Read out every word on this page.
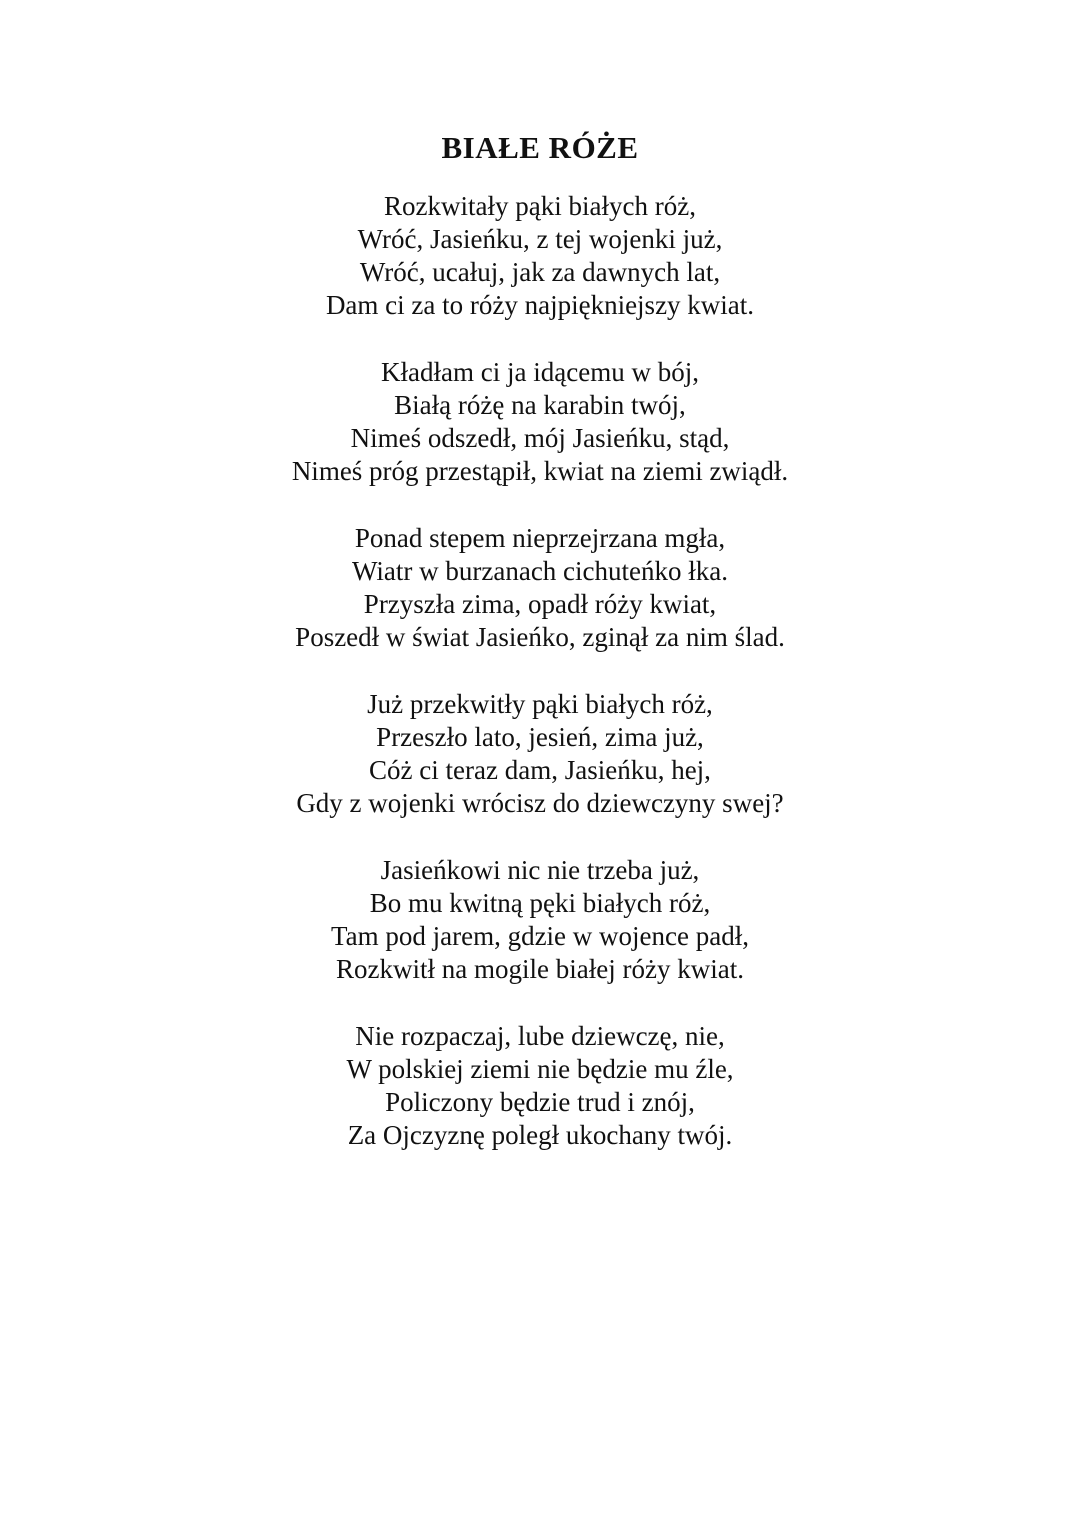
BIAŁE RÓŻE
Rozkwitały pąki białych róż,
Wróć, Jasieńku, z tej wojenki już,
Wróć, ucałuj, jak za dawnych lat,
Dam ci za to róży najpiękniejszy kwiat.
Kładłam ci ja idącemu w bój,
Białą różę na karabin twój,
Nimeś odszedł, mój Jasieńku, stąd,
Nimeś próg przestąpił, kwiat na ziemi zwiądł.
Ponad stepem nieprzejrzana mgła,
Wiatr w burzanach cichuteńko łka.
Przyszła zima, opadł róży kwiat,
Poszedł w świat Jasieńko, zginął za nim ślad.
Już przekwitły pąki białych róż,
Przeszło lato, jesień, zima już,
Cóż ci teraz dam, Jasieńku, hej,
Gdy z wojenki wrócisz do dziewczyny swej?
Jasieńkowi nic nie trzeba już,
Bo mu kwitną pęki białych róż,
Tam pod jarem, gdzie w wojence padł,
Rozkwitł na mogile białej róży kwiat.
Nie rozpaczaj, lube dziewczę, nie,
W polskiej ziemi nie będzie mu źle,
Policzony będzie trud i znój,
Za Ojczyznę poległ ukochany twój.
